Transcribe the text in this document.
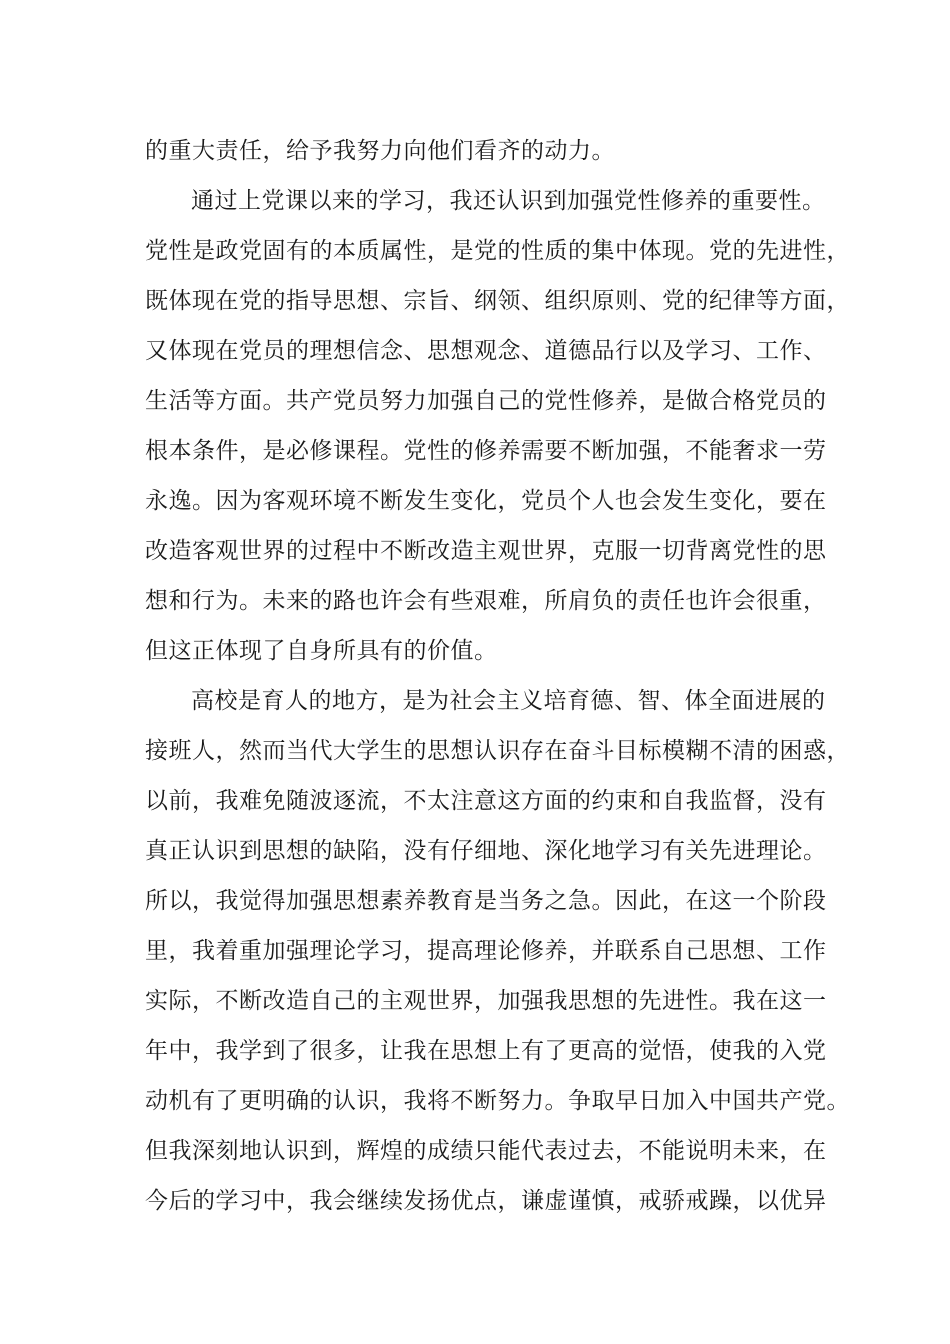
的重大责任，给予我努力向他们看齐的动力。
通过上党课以来的学习，我还认识到加强党性修养的重要性。
党性是政党固有的本质属性，是党的性质的集中体现。党的先进性，
既体现在党的指导思想、宗旨、纲领、组织原则、党的纪律等方面，
又体现在党员的理想信念、思想观念、道德品行以及学习、工作、
生活等方面。共产党员努力加强自己的党性修养，是做合格党员的
根本条件，是必修课程。党性的修养需要不断加强，不能奢求一劳
永逸。因为客观环境不断发生变化，党员个人也会发生变化，要在
改造客观世界的过程中不断改造主观世界，克服一切背离党性的思
想和行为。未来的路也许会有些艰难，所肩负的责任也许会很重，
但这正体现了自身所具有的价值。
高校是育人的地方，是为社会主义培育德、智、体全面进展的
接班人，然而当代大学生的思想认识存在奋斗目标模糊不清的困惑，
以前，我难免随波逐流，不太注意这方面的约束和自我监督，没有
真正认识到思想的缺陷，没有仔细地、深化地学习有关先进理论。
所以，我觉得加强思想素养教育是当务之急。因此，在这一个阶段
里，我着重加强理论学习，提高理论修养，并联系自己思想、工作
实际，不断改造自己的主观世界，加强我思想的先进性。我在这一
年中，我学到了很多，让我在思想上有了更高的觉悟，使我的入党
动机有了更明确的认识，我将不断努力。争取早日加入中国共产党。
但我深刻地认识到，辉煌的成绩只能代表过去，不能说明未来，在
今后的学习中，我会继续发扬优点，谦虚谨慎，戒骄戒躁，以优异
